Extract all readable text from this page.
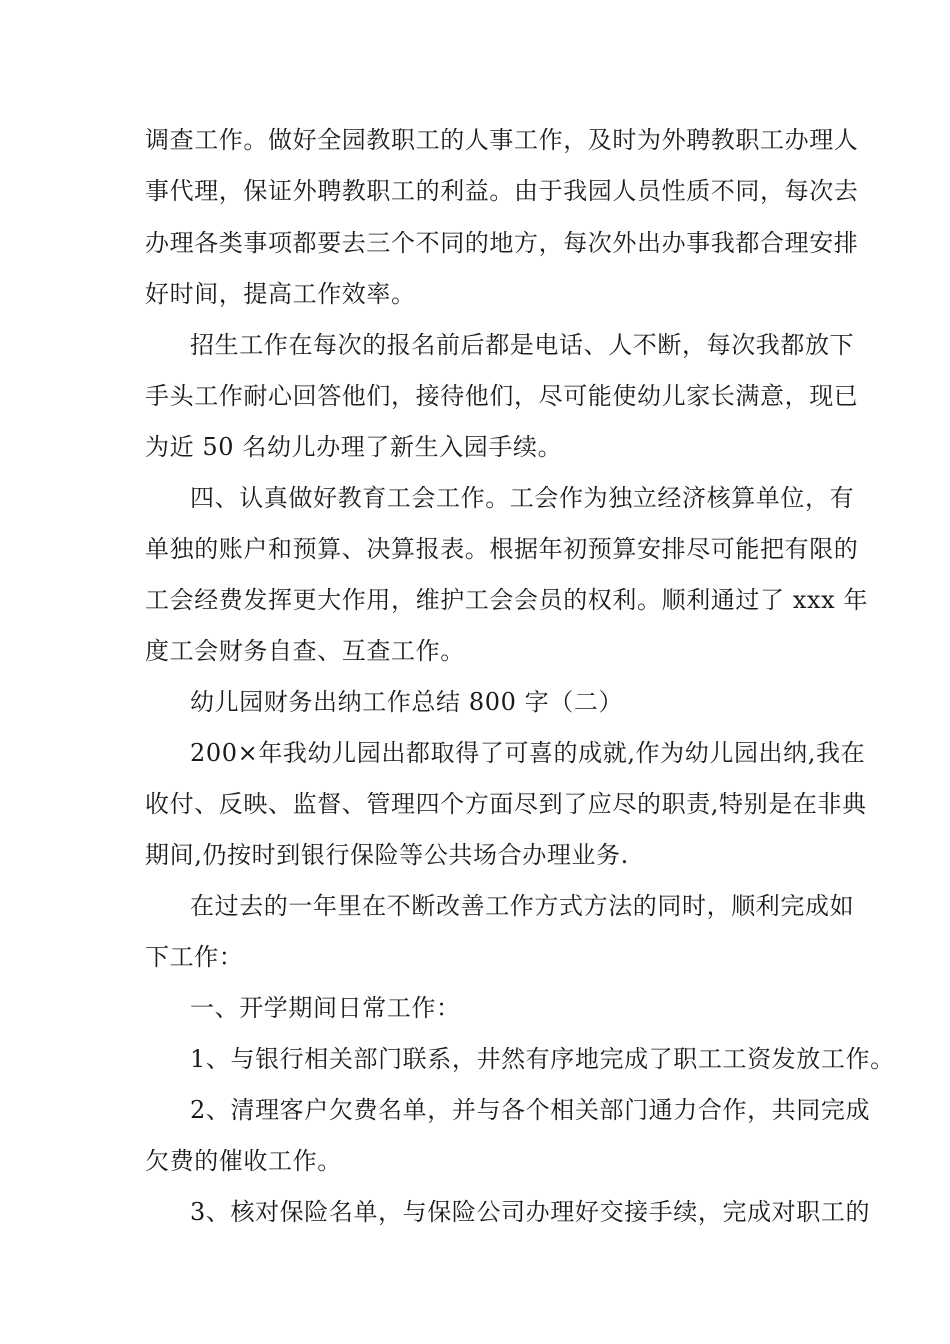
调查工作。做好全园教职工的人事工作，及时为外聘教职工办理人
事代理，保证外聘教职工的利益。由于我园人员性质不同，每次去
办理各类事项都要去三个不同的地方，每次外出办事我都合理安排
好时间，提高工作效率。
招生工作在每次的报名前后都是电话、人不断，每次我都放下
手头工作耐心回答他们，接待他们，尽可能使幼儿家长满意，现已
为近 50 名幼儿办理了新生入园手续。
四、认真做好教育工会工作。工会作为独立经济核算单位，有
单独的账户和预算、决算报表。根据年初预算安排尽可能把有限的
工会经费发挥更大作用，维护工会会员的权利。顺利通过了 xxx 年
度工会财务自查、互查工作。
幼儿园财务出纳工作总结 800 字（二）
200×年我幼儿园出都取得了可喜的成就,作为幼儿园出纳,我在
收付、反映、监督、管理四个方面尽到了应尽的职责,特别是在非典
期间,仍按时到银行保险等公共场合办理业务.
在过去的一年里在不断改善工作方式方法的同时，顺利完成如
下工作：
一、开学期间日常工作：
1、与银行相关部门联系，井然有序地完成了职工工资发放工作。
2、清理客户欠费名单，并与各个相关部门通力合作，共同完成
欠费的催收工作。
3、核对保险名单，与保险公司办理好交接手续，完成对职工的
